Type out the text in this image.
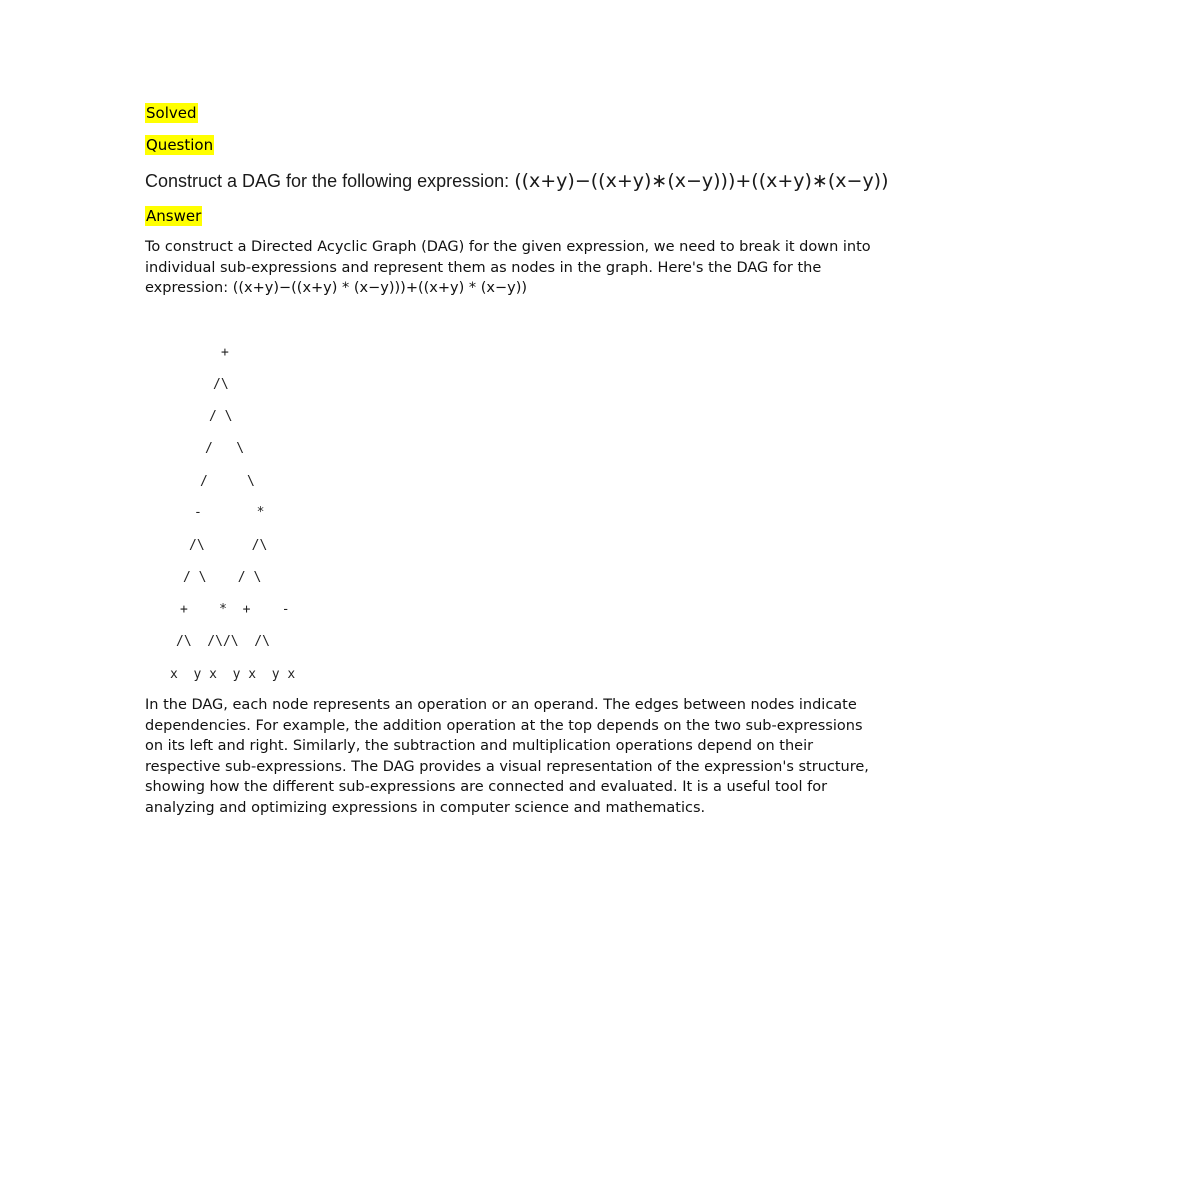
Solved
Question
Construct a DAG for the following expression: ((x+y)−((x+y)∗(x−y)))+((x+y)∗(x−y))
Answer
To construct a Directed Acyclic Graph (DAG) for the given expression, we need to break it down into
individual sub-expressions and represent them as nodes in the graph. Here's the DAG for the
expression: ((x+y)−((x+y) * (x−y)))+((x+y) * (x−y))
+
/\
/ \
/   \
/     \
-       *
/\      /\
/ \    / \
+    *  +    -
/\  /\/\  /\
x  y x  y x  y x
In the DAG, each node represents an operation or an operand. The edges between nodes indicate
dependencies. For example, the addition operation at the top depends on the two sub-expressions
on its left and right. Similarly, the subtraction and multiplication operations depend on their
respective sub-expressions. The DAG provides a visual representation of the expression's structure,
showing how the different sub-expressions are connected and evaluated. It is a useful tool for
analyzing and optimizing expressions in computer science and mathematics.
